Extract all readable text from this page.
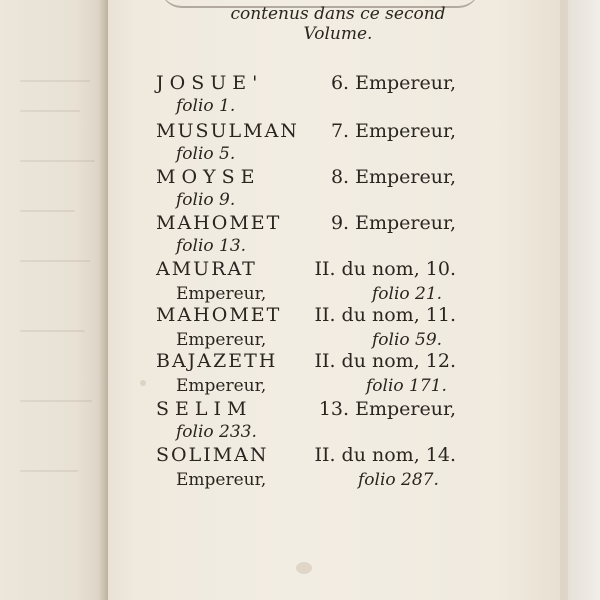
contenus dans ce second
Volume.
JOSUE'	6. Empereur,
folio 1.
MUSULMAN 7. Empereur,
folio 5.
MOYSE	8. Empereur,
folio 9.
MAHOMET	9. Empereur,
folio 13.
AMURAT	II. du nom, 10.
Empereur,	folio 21.
MAHOMET II. du nom, 11.
Empereur,	folio 59.
BAJAZETH II. du nom, 12.
Empereur,	folio 171.
SELIM	13. Empereur,
folio 233.
SOLIMAN II. du nom, 14.
Empereur,	folio 287.
